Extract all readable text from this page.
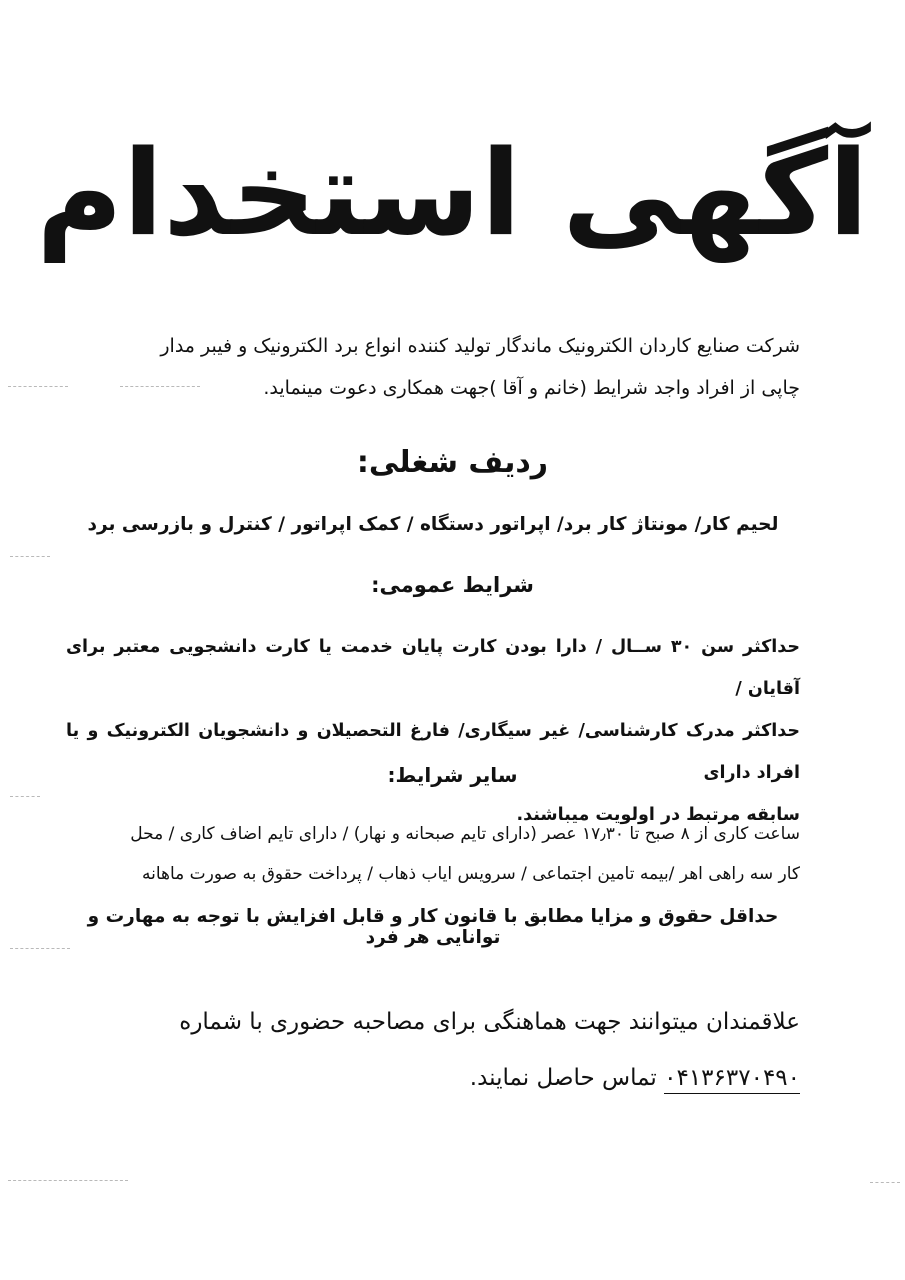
آگهی استخدام
شرکت صنایع کاردان الکترونیک ماندگار تولید کننده انواع برد الکترونیک و فیبر مدار
چاپی از افراد واجد شرایط (خانم و آقا )جهت همکاری دعوت مینماید.
ردیف شغلی:
لحیم کار/ مونتاژ کار برد/ اپراتور دستگاه / کمک اپراتور / کنترل و بازرسی برد
شرایط عمومی:
حداکثر سن ۳۰ ســال / دارا بودن کارت پایان خدمت یا کارت دانشجویی معتبر برای آقایان /
حداکثر مدرک کارشناسی/ غیر سیگاری/ فارغ التحصیلان و دانشجویان الکترونیک و یا افراد دارای
سابقه مرتبط در اولویت میباشند.
سایر شرایط:
ساعت کاری از ۸ صبح تا ۱۷٫۳۰ عصر (دارای تایم صبحانه و نهار) / دارای تایم اضاف کاری / محل
کار سه راهی اهر /بیمه تامین اجتماعی / سرویس ایاب ذهاب / پرداخت حقوق به صورت ماهانه
حداقل حقوق و مزایا مطابق با قانون کار و قابل افزایش با توجه به مهارت و توانایی هر فرد
علاقمندان میتوانند جهت هماهنگی برای مصاحبه حضوری با شماره
۰۴۱۳۶۳۷۰۴۹۰ تماس حاصل نمایند.
